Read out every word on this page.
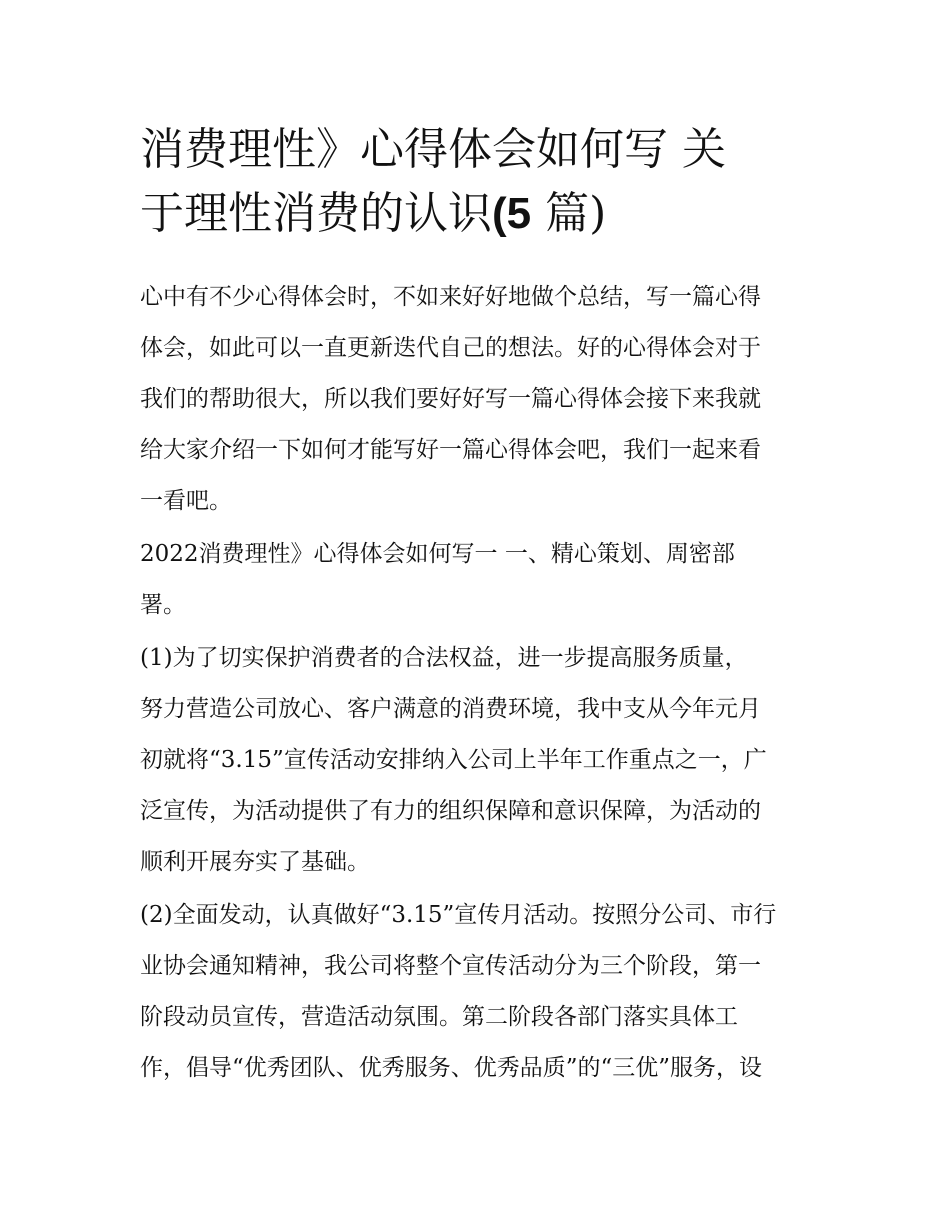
消费理性》心得体会如何写 关
于理性消费的认识(5 篇)

心中有不少心得体会时，不如来好好地做个总结，写一篇心得
体会，如此可以一直更新迭代自己的想法。好的心得体会对于
我们的帮助很大，所以我们要好好写一篇心得体会接下来我就
给大家介绍一下如何才能写好一篇心得体会吧，我们一起来看
一看吧。

2022消费理性》心得体会如何写一 一、精心策划、周密部
署。

(1)为了切实保护消费者的合法权益，进一步提高服务质量，
努力营造公司放心、客户满意的消费环境，我中支从今年元月
初就将“3.15”宣传活动安排纳入公司上半年工作重点之一，广
泛宣传，为活动提供了有力的组织保障和意识保障，为活动的
顺利开展夯实了基础。

(2)全面发动，认真做好“3.15”宣传月活动。按照分公司、市行
业协会通知精神，我公司将整个宣传活动分为三个阶段，第一
阶段动员宣传，营造活动氛围。第二阶段各部门落实具体工
作，倡导“优秀团队、优秀服务、优秀品质”的“三优”服务，设
